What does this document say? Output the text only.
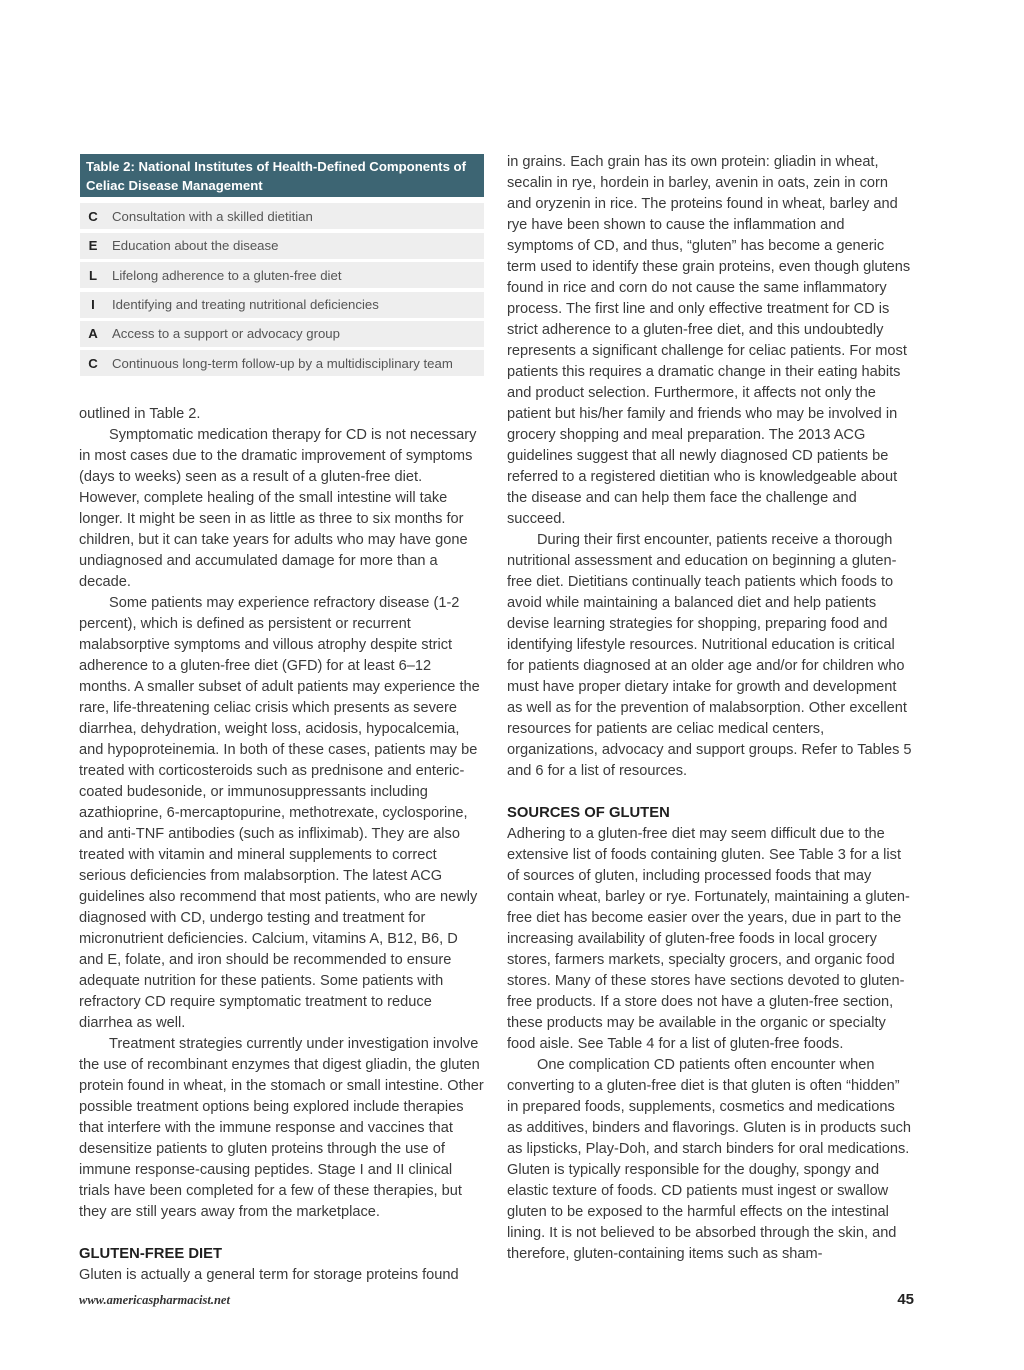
Table 2: National Institutes of Health-Defined Components of Celiac Disease Management
C	Consultation with a skilled dietitian
E	Education about the disease
L	Lifelong adherence to a gluten-free diet
I	Identifying and treating nutritional deficiencies
A	Access to a support or advocacy group
C	Continuous long-term follow-up by a multidisciplinary team

outlined in Table 2.

Symptomatic medication therapy for CD is not necessary in most cases due to the dramatic improvement of symptoms (days to weeks) seen as a result of a gluten-free diet. However, complete healing of the small intestine will take longer. It might be seen in as little as three to six months for children, but it can take years for adults who may have gone undiagnosed and accumulated damage for more than a decade.

Some patients may experience refractory disease (1-2 percent), which is defined as persistent or recurrent malabsorptive symptoms and villous atrophy despite strict adherence to a gluten-free diet (GFD) for at least 6–12 months. A smaller subset of adult patients may experience the rare, life-threatening celiac crisis which presents as severe diarrhea, dehydration, weight loss, acidosis, hypocalcemia, and hypoproteinemia. In both of these cases, patients may be treated with corticosteroids such as prednisone and enteric-coated budesonide, or immunosuppressants including azathioprine, 6-mercaptopurine, methotrexate, cyclosporine, and anti-TNF antibodies (such as infliximab). They are also treated with vitamin and mineral supplements to correct serious deficiencies from malabsorption. The latest ACG guidelines also recommend that most patients, who are newly diagnosed with CD, undergo testing and treatment for micronutrient deficiencies. Calcium, vitamins A, B12, B6, D and E, folate, and iron should be recommended to ensure adequate nutrition for these patients. Some patients with refractory CD require symptomatic treatment to reduce diarrhea as well.

Treatment strategies currently under investigation involve the use of recombinant enzymes that digest gliadin, the gluten protein found in wheat, in the stomach or small intestine. Other possible treatment options being explored include therapies that interfere with the immune response and vaccines that desensitize patients to gluten proteins through the use of immune response-causing peptides. Stage I and II clinical trials have been completed for a few of these therapies, but they are still years away from the marketplace.

GLUTEN-FREE DIET

Gluten is actually a general term for storage proteins found

in grains. Each grain has its own protein: gliadin in wheat, secalin in rye, hordein in barley, avenin in oats, zein in corn and oryzenin in rice. The proteins found in wheat, barley and rye have been shown to cause the inflammation and symptoms of CD, and thus, “gluten” has become a generic term used to identify these grain proteins, even though glutens found in rice and corn do not cause the same inflammatory process. The first line and only effective treatment for CD is strict adherence to a gluten-free diet, and this undoubtedly represents a significant challenge for celiac patients. For most patients this requires a dramatic change in their eating habits and product selection. Furthermore, it affects not only the patient but his/her family and friends who may be involved in grocery shopping and meal preparation. The 2013 ACG guidelines suggest that all newly diagnosed CD patients be referred to a registered dietitian who is knowledgeable about the disease and can help them face the challenge and succeed.

During their first encounter, patients receive a thorough nutritional assessment and education on beginning a gluten-free diet. Dietitians continually teach patients which foods to avoid while maintaining a balanced diet and help patients devise learning strategies for shopping, preparing food and identifying lifestyle resources. Nutritional education is critical for patients diagnosed at an older age and/or for children who must have proper dietary intake for growth and development as well as for the prevention of malabsorption. Other excellent resources for patients are celiac medical centers, organizations, advocacy and support groups. Refer to Tables 5 and 6 for a list of resources.

SOURCES OF GLUTEN

Adhering to a gluten-free diet may seem difficult due to the extensive list of foods containing gluten. See Table 3 for a list of sources of gluten, including processed foods that may contain wheat, barley or rye. Fortunately, maintaining a gluten-free diet has become easier over the years, due in part to the increasing availability of gluten-free foods in local grocery stores, farmers markets, specialty grocers, and organic food stores. Many of these stores have sections devoted to gluten-free products. If a store does not have a gluten-free section, these products may be available in the organic or specialty food aisle. See Table 4 for a list of gluten-free foods.

One complication CD patients often encounter when converting to a gluten-free diet is that gluten is often “hidden” in prepared foods, supplements, cosmetics and medications as additives, binders and flavorings. Gluten is in products such as lipsticks, Play-Doh, and starch binders for oral medications. Gluten is typically responsible for the doughy, spongy and elastic texture of foods. CD patients must ingest or swallow gluten to be exposed to the harmful effects on the intestinal lining. It is not believed to be absorbed through the skin, and therefore, gluten-containing items such as sham-

www.americaspharmacist.net	45
